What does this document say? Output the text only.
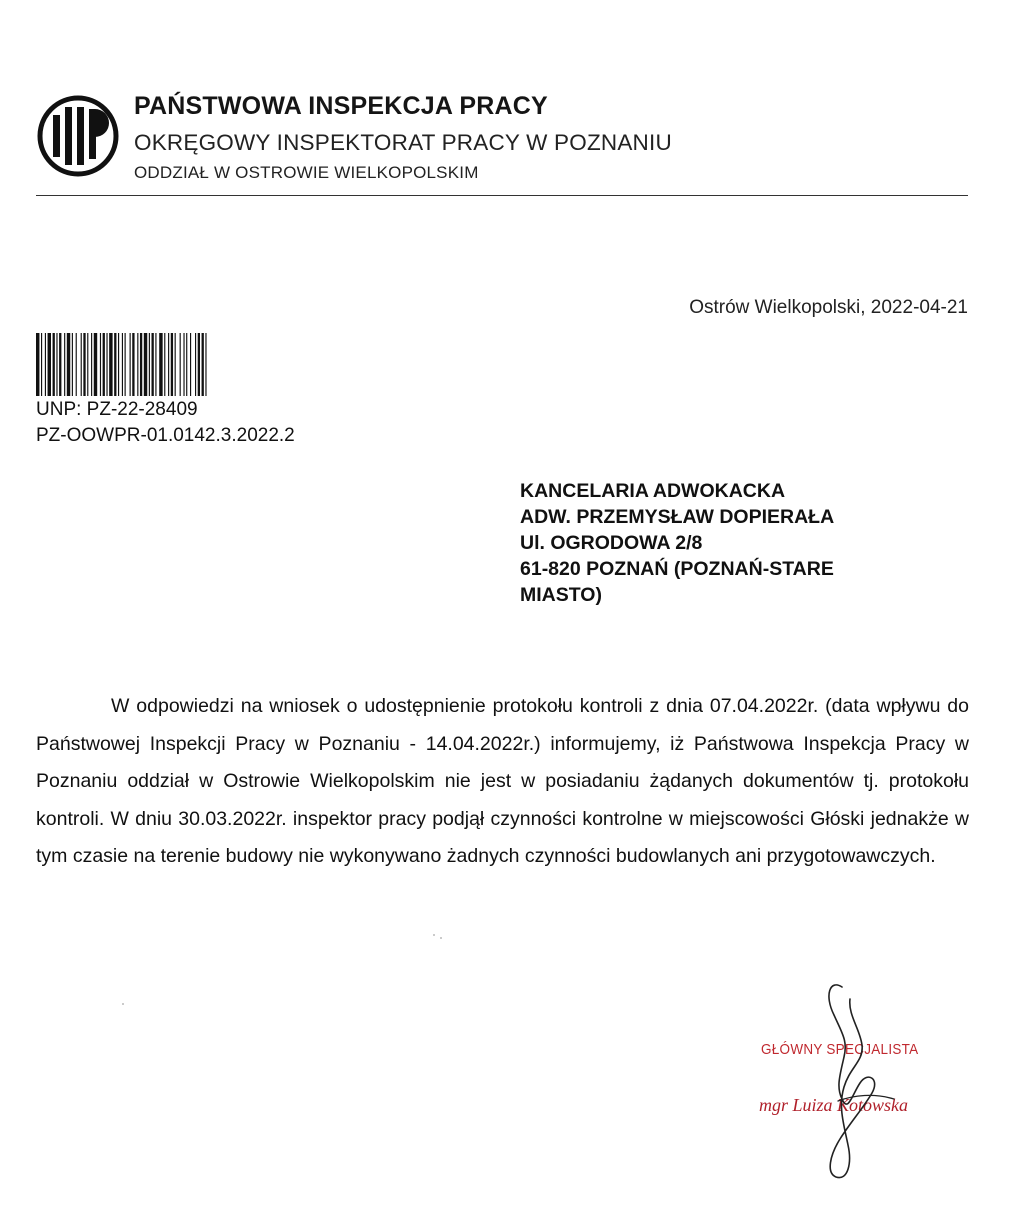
PAŃSTWOWA INSPEKCJA PRACY
OKRĘGOWY INSPEKTORAT PRACY W POZNANIU
ODDZIAŁ W OSTROWIE WIELKOPOLSKIM
Ostrów Wielkopolski, 2022-04-21
UNP: PZ-22-28409
PZ-OOWPR-01.0142.3.2022.2
KANCELARIA ADWOKACKA
ADW. PRZEMYSŁAW DOPIERAŁA
Ul. OGRODOWA 2/8
61-820 POZNAŃ (POZNAŃ-STARE
MIASTO)
W odpowiedzi na wniosek o udostępnienie protokołu kontroli z dnia 07.04.2022r. (data wpływu do Państwowej Inspekcji Pracy w Poznaniu - 14.04.2022r.) informujemy, iż Państwowa Inspekcja Pracy w Poznaniu oddział w Ostrowie Wielkopolskim nie jest w posiadaniu żądanych dokumentów tj. protokołu kontroli. W dniu 30.03.2022r. inspektor pracy podjął czynności kontrolne w miejscowości Głóski jednakże w tym czasie na terenie budowy nie wykonywano żadnych czynności budowlanych ani przygotowawczych.
GŁÓWNY SPECJALISTA
mgr Luiza Kotowska
